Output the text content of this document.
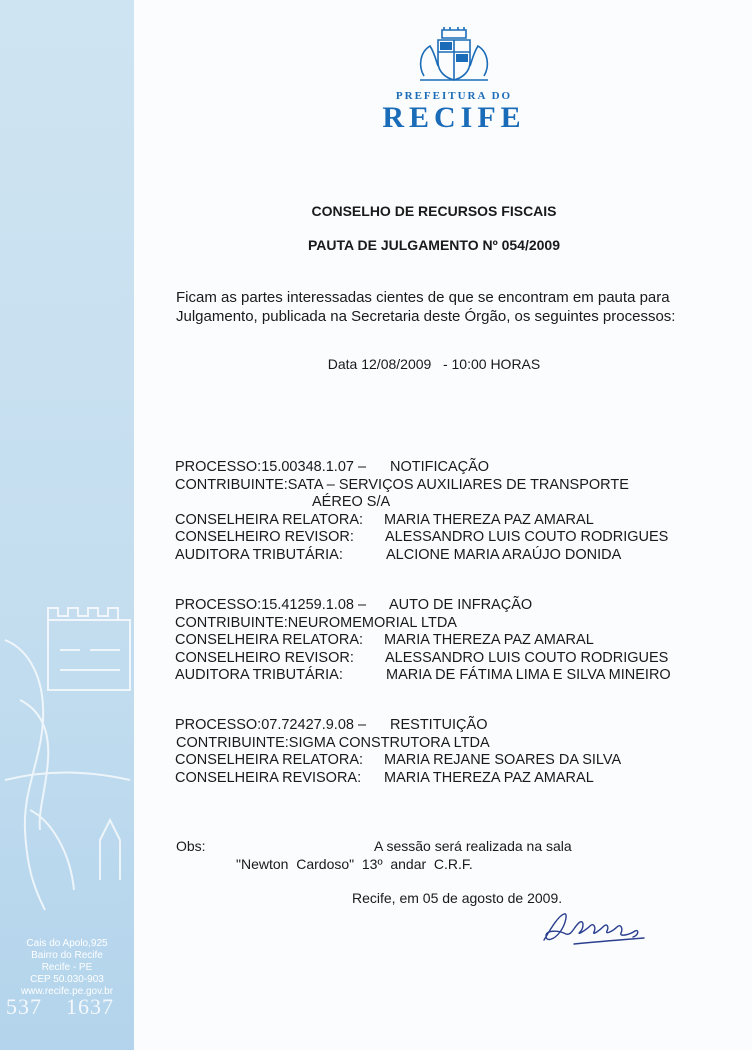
Cais do Apolo,925
Bairro do Recife
Recife - PE
CEP 50.030-903
www.recife.pe.gov.br
537 1637
PREFEITURA DO
RECIFE
CONSELHO DE RECURSOS FISCAIS
PAUTA DE JULGAMENTO Nº 054/2009
Ficam as partes interessadas cientes de que se encontram em pauta para
Julgamento, publicada na Secretaria deste Órgão, os seguintes processos:
Data 12/08/2009   - 10:00 HORAS
PROCESSO:15.00348.1.07 – NOTIFICAÇÃO
CONTRIBUINTE:SATA – SERVIÇOS AUXILIARES DE TRANSPORTE
AÉREO S/A
CONSELHEIRA RELATORA: MARIA THEREZA PAZ AMARAL
CONSELHEIRO REVISOR: ALESSANDRO LUIS COUTO RODRIGUES
AUDITORA TRIBUTÁRIA:	ALCIONE MARIA ARAÚJO DONIDA
PROCESSO:15.41259.1.08 – AUTO DE INFRAÇÃO
CONTRIBUINTE:NEUROMEMORIAL LTDA
CONSELHEIRA RELATORA: MARIA THEREZA PAZ AMARAL
CONSELHEIRO REVISOR: ALESSANDRO LUIS COUTO RODRIGUES
AUDITORA TRIBUTÁRIA:	MARIA DE FÁTIMA LIMA E SILVA MINEIRO
PROCESSO:07.72427.9.08 – RESTITUIÇÃO
CONTRIBUINTE:SIGMA CONSTRUTORA LTDA
CONSELHEIRA RELATORA: MARIA REJANE SOARES DA SILVA
CONSELHEIRA REVISORA: MARIA THEREZA PAZ AMARAL
Obs:	A sessão será realizada na sala
"Newton  Cardoso"  13º  andar  C.R.F.
Recife, em 05 de agosto de 2009.
